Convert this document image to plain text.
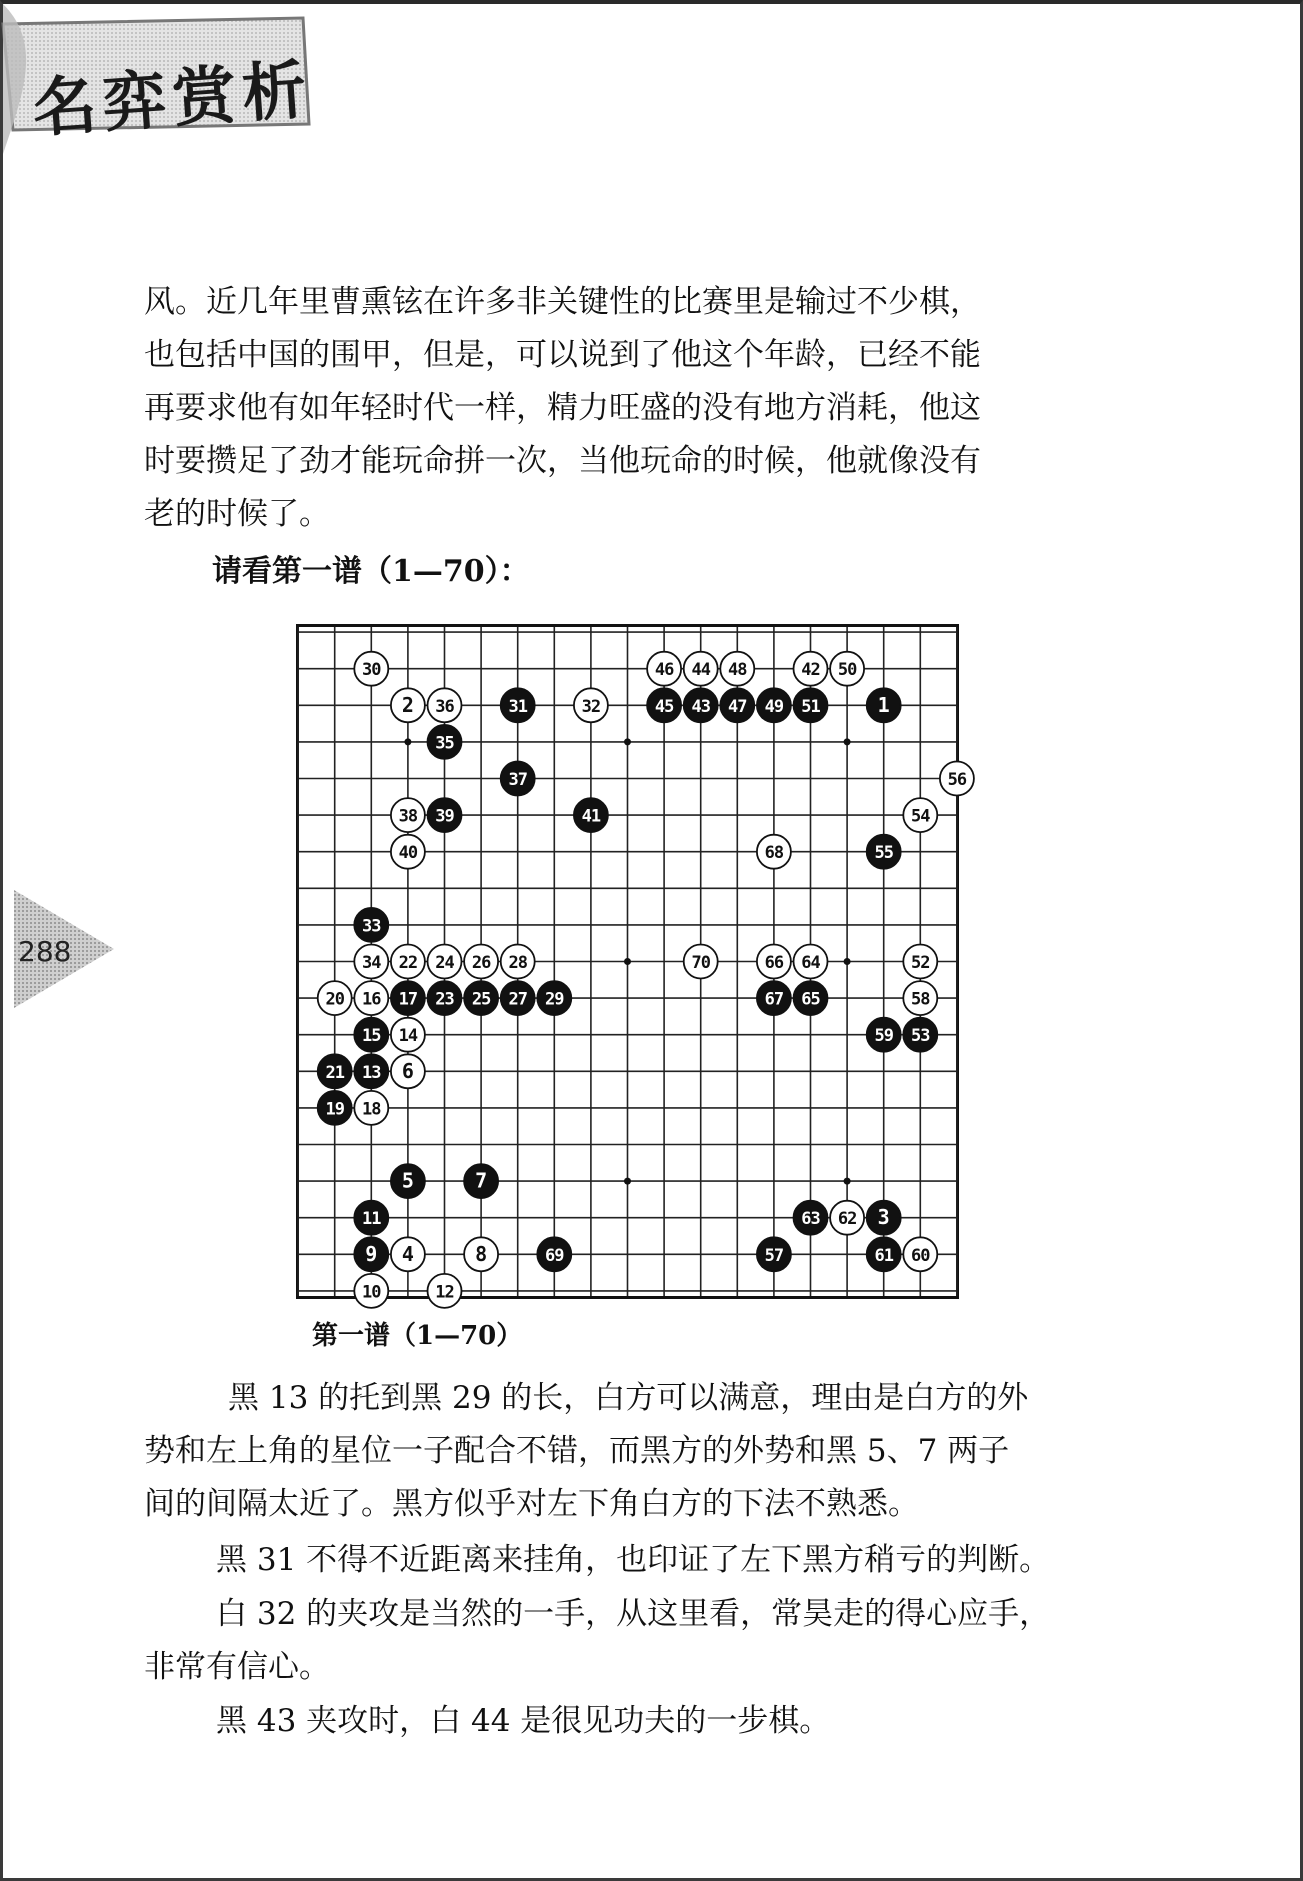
名弈赏析
风。近几年里曹熏铉在许多非关键性的比赛里是输过不少棋，
也包括中国的围甲，但是，可以说到了他这个年龄，已经不能
再要求他有如年轻时代一样，精力旺盛的没有地方消耗，他这
时要攒足了劲才能玩命拼一次，当他玩命的时候，他就像没有
老的时候了。
请看第一谱（1—70）：
1
2
3
4
5
6
7
8
9
10
11
12
13
14
15
16 17
18
19
20
21
22
23
24
25
26
27
28
29
30
31	32
33
34
35
36
37
38 39
40
41
42
43
44
45
46
47
48
49
50
51
52
53
54
55
56
57
58
59
60
61
62
63
64
65
66
67
68
69
70
第一谱（1—70）
288
黑 13 的托到黑 29 的长，白方可以满意，理由是白方的外
势和左上角的星位一子配合不错，而黑方的外势和黑 5、7 两子
间的间隔太近了。黑方似乎对左下角白方的下法不熟悉。
黑 31 不得不近距离来挂角，也印证了左下黑方稍亏的判断。
白 32 的夹攻是当然的一手，从这里看，常昊走的得心应手，
非常有信心。
黑 43 夹攻时，白 44 是很见功夫的一步棋。
